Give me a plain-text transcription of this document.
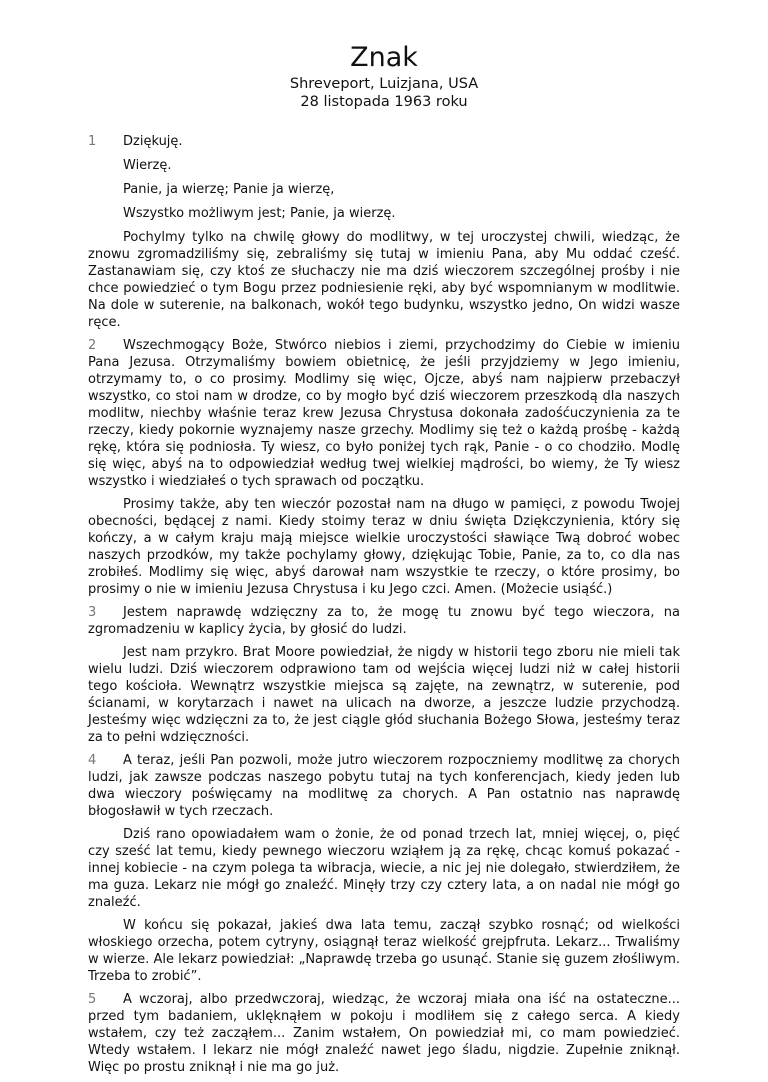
Znak
Shreveport, Luizjana, USA
28 listopada 1963 roku

1 Dziękuję.

Wierzę.

Panie, ja wierzę; Panie ja wierzę,

Wszystko możliwym jest; Panie, ja wierzę.

Pochylmy tylko na chwilę głowy do modlitwy, w tej uroczystej chwili, wiedząc, że znowu zgromadziliśmy się, zebraliśmy się tutaj w imieniu Pana, aby Mu oddać cześć. Zastanawiam się, czy ktoś ze słuchaczy nie ma dziś wieczorem szczególnej prośby i nie chce powiedzieć o tym Bogu przez podniesienie ręki, aby być wspomnianym w modlitwie. Na dole w suterenie, na balkonach, wokół tego budynku, wszystko jedno, On widzi wasze ręce.

2 Wszechmogący Boże, Stwórco niebios i ziemi, przychodzimy do Ciebie w imieniu Pana Jezusa. Otrzymaliśmy bowiem obietnicę, że jeśli przyjdziemy w Jego imieniu, otrzymamy to, o co prosimy. Modlimy się więc, Ojcze, abyś nam najpierw przebaczył wszystko, co stoi nam w drodze, co by mogło być dziś wieczorem przeszkodą dla naszych modlitw, niechby właśnie teraz krew Jezusa Chrystusa dokonała zadośćuczynienia za te rzeczy, kiedy pokornie wyznajemy nasze grzechy. Modlimy się też o każdą prośbę - każdą rękę, która się podniosła. Ty wiesz, co było poniżej tych rąk, Panie - o co chodziło. Modlę się więc, abyś na to odpowiedział według twej wielkiej mądrości, bo wiemy, że Ty wiesz wszystko i wiedziałeś o tych sprawach od początku.

Prosimy także, aby ten wieczór pozostał nam na długo w pamięci, z powodu Twojej obecności, będącej z nami. Kiedy stoimy teraz w dniu święta Dziękczynienia, który się kończy, a w całym kraju mają miejsce wielkie uroczystości sławiące Twą dobroć wobec naszych przodków, my także pochylamy głowy, dziękując Tobie, Panie, za to, co dla nas zrobiłeś. Modlimy się więc, abyś darował nam wszystkie te rzeczy, o które prosimy, bo prosimy o nie w imieniu Jezusa Chrystusa i ku Jego czci. Amen. (Możecie usiąść.)

3 Jestem naprawdę wdzięczny za to, że mogę tu znowu być tego wieczora, na zgromadzeniu w kaplicy życia, by głosić do ludzi.

Jest nam przykro. Brat Moore powiedział, że nigdy w historii tego zboru nie mieli tak wielu ludzi. Dziś wieczorem odprawiono tam od wejścia więcej ludzi niż w całej historii tego kościoła. Wewnątrz wszystkie miejsca są zajęte, na zewnątrz, w suterenie, pod ścianami, w korytarzach i nawet na ulicach na dworze, a jeszcze ludzie przychodzą. Jesteśmy więc wdzięczni za to, że jest ciągle głód słuchania Bożego Słowa, jesteśmy teraz za to pełni wdzięczności.

4 A teraz, jeśli Pan pozwoli, może jutro wieczorem rozpoczniemy modlitwę za chorych ludzi, jak zawsze podczas naszego pobytu tutaj na tych konferencjach, kiedy jeden lub dwa wieczory poświęcamy na modlitwę za chorych. A Pan ostatnio nas naprawdę błogosławił w tych rzeczach.

Dziś rano opowiadałem wam o żonie, że od ponad trzech lat, mniej więcej, o, pięć czy sześć lat temu, kiedy pewnego wieczoru wziąłem ją za rękę, chcąc komuś pokazać - innej kobiecie - na czym polega ta wibracja, wiecie, a nic jej nie dolegało, stwierdziłem, że ma guza. Lekarz nie mógł go znaleźć. Minęły trzy czy cztery lata, a on nadal nie mógł go znaleźć.

W końcu się pokazał, jakieś dwa lata temu, zaczął szybko rosnąć; od wielkości włoskiego orzecha, potem cytryny, osiągnął teraz wielkość grejpfruta. Lekarz... Trwaliśmy w wierze. Ale lekarz powiedział: „Naprawdę trzeba go usunąć. Stanie się guzem złośliwym. Trzeba to zrobić”.

5 A wczoraj, albo przedwczoraj, wiedząc, że wczoraj miała ona iść na ostateczne... przed tym badaniem, uklęknąłem w pokoju i modliłem się z całego serca. A kiedy wstałem, czy też zacząłem... Zanim wstałem, On powiedział mi, co mam powiedzieć. Wtedy wstałem. I lekarz nie mógł znaleźć nawet jego śladu, nigdzie. Zupełnie zniknął. Więc po prostu zniknął i nie ma go już.
